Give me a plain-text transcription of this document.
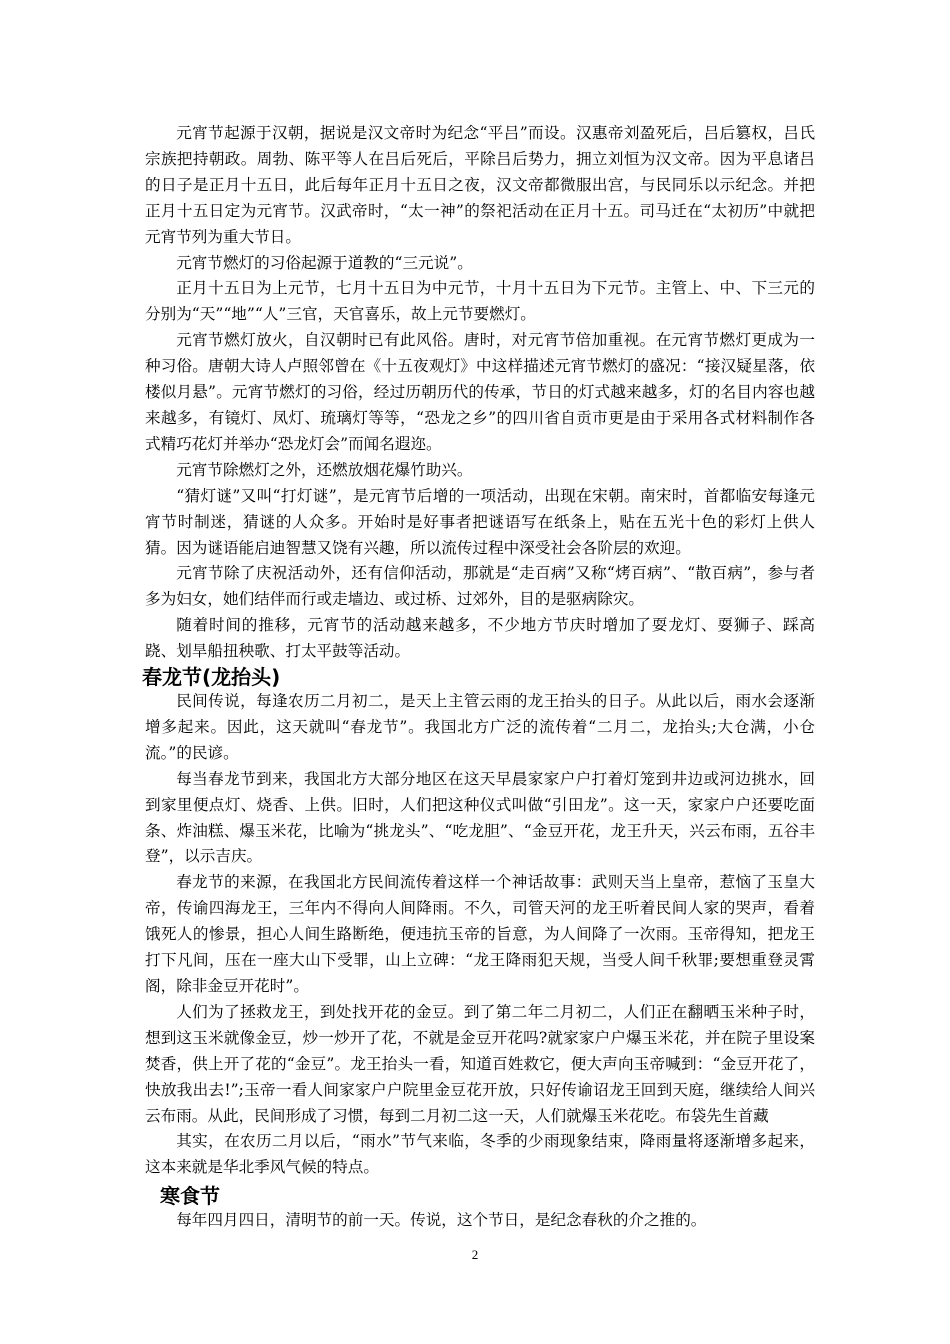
元宵节起源于汉朝，据说是汉文帝时为纪念“平吕”而设。汉惠帝刘盈死后，吕后篡权，吕氏宗族把持朝政。周勃、陈平等人在吕后死后，平除吕后势力，拥立刘恒为汉文帝。因为平息诸吕的日子是正月十五日，此后每年正月十五日之夜，汉文帝都微服出宫，与民同乐以示纪念。并把正月十五日定为元宵节。汉武帝时，“太一神”的祭祀活动在正月十五。司马迁在“太初历”中就把元宵节列为重大节日。

元宵节燃灯的习俗起源于道教的“三元说”。

正月十五日为上元节，七月十五日为中元节，十月十五日为下元节。主管上、中、下三元的分别为“天”“地”“人”三官，天官喜乐，故上元节要燃灯。

元宵节燃灯放火，自汉朝时已有此风俗。唐时，对元宵节倍加重视。在元宵节燃灯更成为一种习俗。唐朝大诗人卢照邻曾在《十五夜观灯》中这样描述元宵节燃灯的盛况：“接汉疑星落，依楼似月悬”。元宵节燃灯的习俗，经过历朝历代的传承，节日的灯式越来越多，灯的名目内容也越来越多，有镜灯、凤灯、琉璃灯等等，“恐龙之乡”的四川省自贡市更是由于采用各式材料制作各式精巧花灯并举办“恐龙灯会”而闻名遐迩。

元宵节除燃灯之外，还燃放烟花爆竹助兴。

“猜灯谜”又叫“打灯谜”，是元宵节后增的一项活动，出现在宋朝。南宋时，首都临安每逢元宵节时制迷，猜谜的人众多。开始时是好事者把谜语写在纸条上，贴在五光十色的彩灯上供人猜。因为谜语能启迪智慧又饶有兴趣，所以流传过程中深受社会各阶层的欢迎。

元宵节除了庆祝活动外，还有信仰活动，那就是“走百病”又称“烤百病”、“散百病”，参与者多为妇女，她们结伴而行或走墙边、或过桥、过郊外，目的是驱病除灾。

随着时间的推移，元宵节的活动越来越多，不少地方节庆时增加了耍龙灯、耍狮子、踩高跷、划旱船扭秧歌、打太平鼓等活动。

春龙节(龙抬头)

民间传说，每逢农历二月初二，是天上主管云雨的龙王抬头的日子。从此以后，雨水会逐渐增多起来。因此，这天就叫“春龙节”。我国北方广泛的流传着“二月二，龙抬头;大仓满，小仓流。”的民谚。

每当春龙节到来，我国北方大部分地区在这天早晨家家户户打着灯笼到井边或河边挑水，回到家里便点灯、烧香、上供。旧时，人们把这种仪式叫做“引田龙”。这一天，家家户户还要吃面条、炸油糕、爆玉米花，比喻为“挑龙头”、“吃龙胆”、“金豆开花，龙王升天，兴云布雨，五谷丰登”，以示吉庆。

春龙节的来源，在我国北方民间流传着这样一个神话故事：武则天当上皇帝，惹恼了玉皇大帝，传谕四海龙王，三年内不得向人间降雨。不久，司管天河的龙王听着民间人家的哭声，看着饿死人的惨景，担心人间生路断绝，便违抗玉帝的旨意，为人间降了一次雨。玉帝得知，把龙王打下凡间，压在一座大山下受罪，山上立碑：“龙王降雨犯天规，当受人间千秋罪;要想重登灵霄阁，除非金豆开花时”。

人们为了拯救龙王，到处找开花的金豆。到了第二年二月初二，人们正在翻晒玉米种子时，想到这玉米就像金豆，炒一炒开了花，不就是金豆开花吗?就家家户户爆玉米花，并在院子里设案焚香，供上开了花的“金豆”。龙王抬头一看，知道百姓救它，便大声向玉帝喊到：“金豆开花了，快放我出去!”;玉帝一看人间家家户户院里金豆花开放，只好传谕诏龙王回到天庭，继续给人间兴云布雨。从此，民间形成了习惯，每到二月初二这一天，人们就爆玉米花吃。布袋先生首藏

其实，在农历二月以后，“雨水”节气来临，冬季的少雨现象结束，降雨量将逐渐增多起来，这本来就是华北季风气候的特点。

寒食节

每年四月四日，清明节的前一天。传说，这个节日，是纪念春秋的介之推的。

2
